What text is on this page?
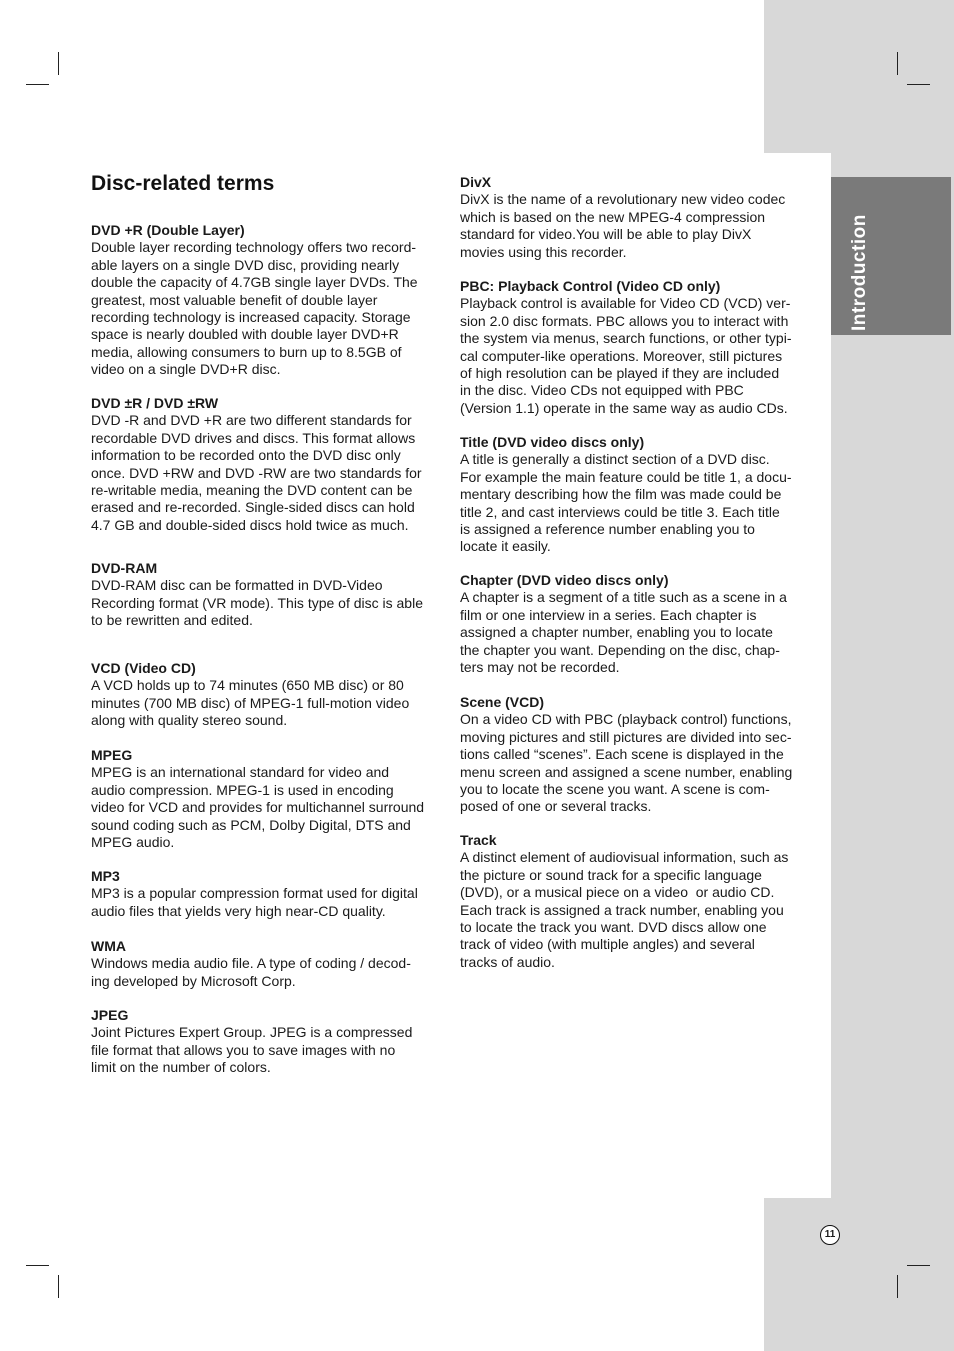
Introduction
11
Disc-related terms
DVD +R (Double Layer)
Double layer recording technology offers two record-
able layers on a single DVD disc, providing nearly
double the capacity of 4.7GB single layer DVDs. The
greatest, most valuable benefit of double layer
recording technology is increased capacity. Storage
space is nearly doubled with double layer DVD+R
media, allowing consumers to burn up to 8.5GB of
video on a single DVD+R disc.
DVD ±R / DVD ±RW
DVD -R and DVD +R are two different standards for
recordable DVD drives and discs. This format allows
information to be recorded onto the DVD disc only
once. DVD +RW and DVD -RW are two standards for
re-writable media, meaning the DVD content can be
erased and re-recorded. Single-sided discs can hold
4.7 GB and double-sided discs hold twice as much.
DVD-RAM
DVD-RAM disc can be formatted in DVD-Video
Recording format (VR mode). This type of disc is able
to be rewritten and edited.
VCD (Video CD)
A VCD holds up to 74 minutes (650 MB disc) or 80
minutes (700 MB disc) of MPEG-1 full-motion video
along with quality stereo sound.
MPEG
MPEG is an international standard for video and
audio compression. MPEG-1 is used in encoding
video for VCD and provides for multichannel surround
sound coding such as PCM, Dolby Digital, DTS and
MPEG audio.
MP3
MP3 is a popular compression format used for digital
audio files that yields very high near-CD quality.
WMA
Windows media audio file. A type of coding / decod-
ing developed by Microsoft Corp.
JPEG
Joint Pictures Expert Group. JPEG is a compressed
file format that allows you to save images with no
limit on the number of colors.
DivX
DivX is the name of a revolutionary new video codec
which is based on the new MPEG-4 compression
standard for video.You will be able to play DivX
movies using this recorder.
PBC: Playback Control (Video CD only)
Playback control is available for Video CD (VCD) ver-
sion 2.0 disc formats. PBC allows you to interact with
the system via menus, search functions, or other typi-
cal computer-like operations. Moreover, still pictures
of high resolution can be played if they are included
in the disc. Video CDs not equipped with PBC
(Version 1.1) operate in the same way as audio CDs.
Title (DVD video discs only)
A title is generally a distinct section of a DVD disc.
For example the main feature could be title 1, a docu-
mentary describing how the film was made could be
title 2, and cast interviews could be title 3. Each title
is assigned a reference number enabling you to
locate it easily.
Chapter (DVD video discs only)
A chapter is a segment of a title such as a scene in a
film or one interview in a series. Each chapter is
assigned a chapter number, enabling you to locate
the chapter you want. Depending on the disc, chap-
ters may not be recorded.
Scene (VCD)
On a video CD with PBC (playback control) functions,
moving pictures and still pictures are divided into sec-
tions called “scenes”. Each scene is displayed in the
menu screen and assigned a scene number, enabling
you to locate the scene you want. A scene is com-
posed of one or several tracks.
Track
A distinct element of audiovisual information, such as
the picture or sound track for a specific language
(DVD), or a musical piece on a video  or audio CD.
Each track is assigned a track number, enabling you
to locate the track you want. DVD discs allow one
track of video (with multiple angles) and several
tracks of audio.
